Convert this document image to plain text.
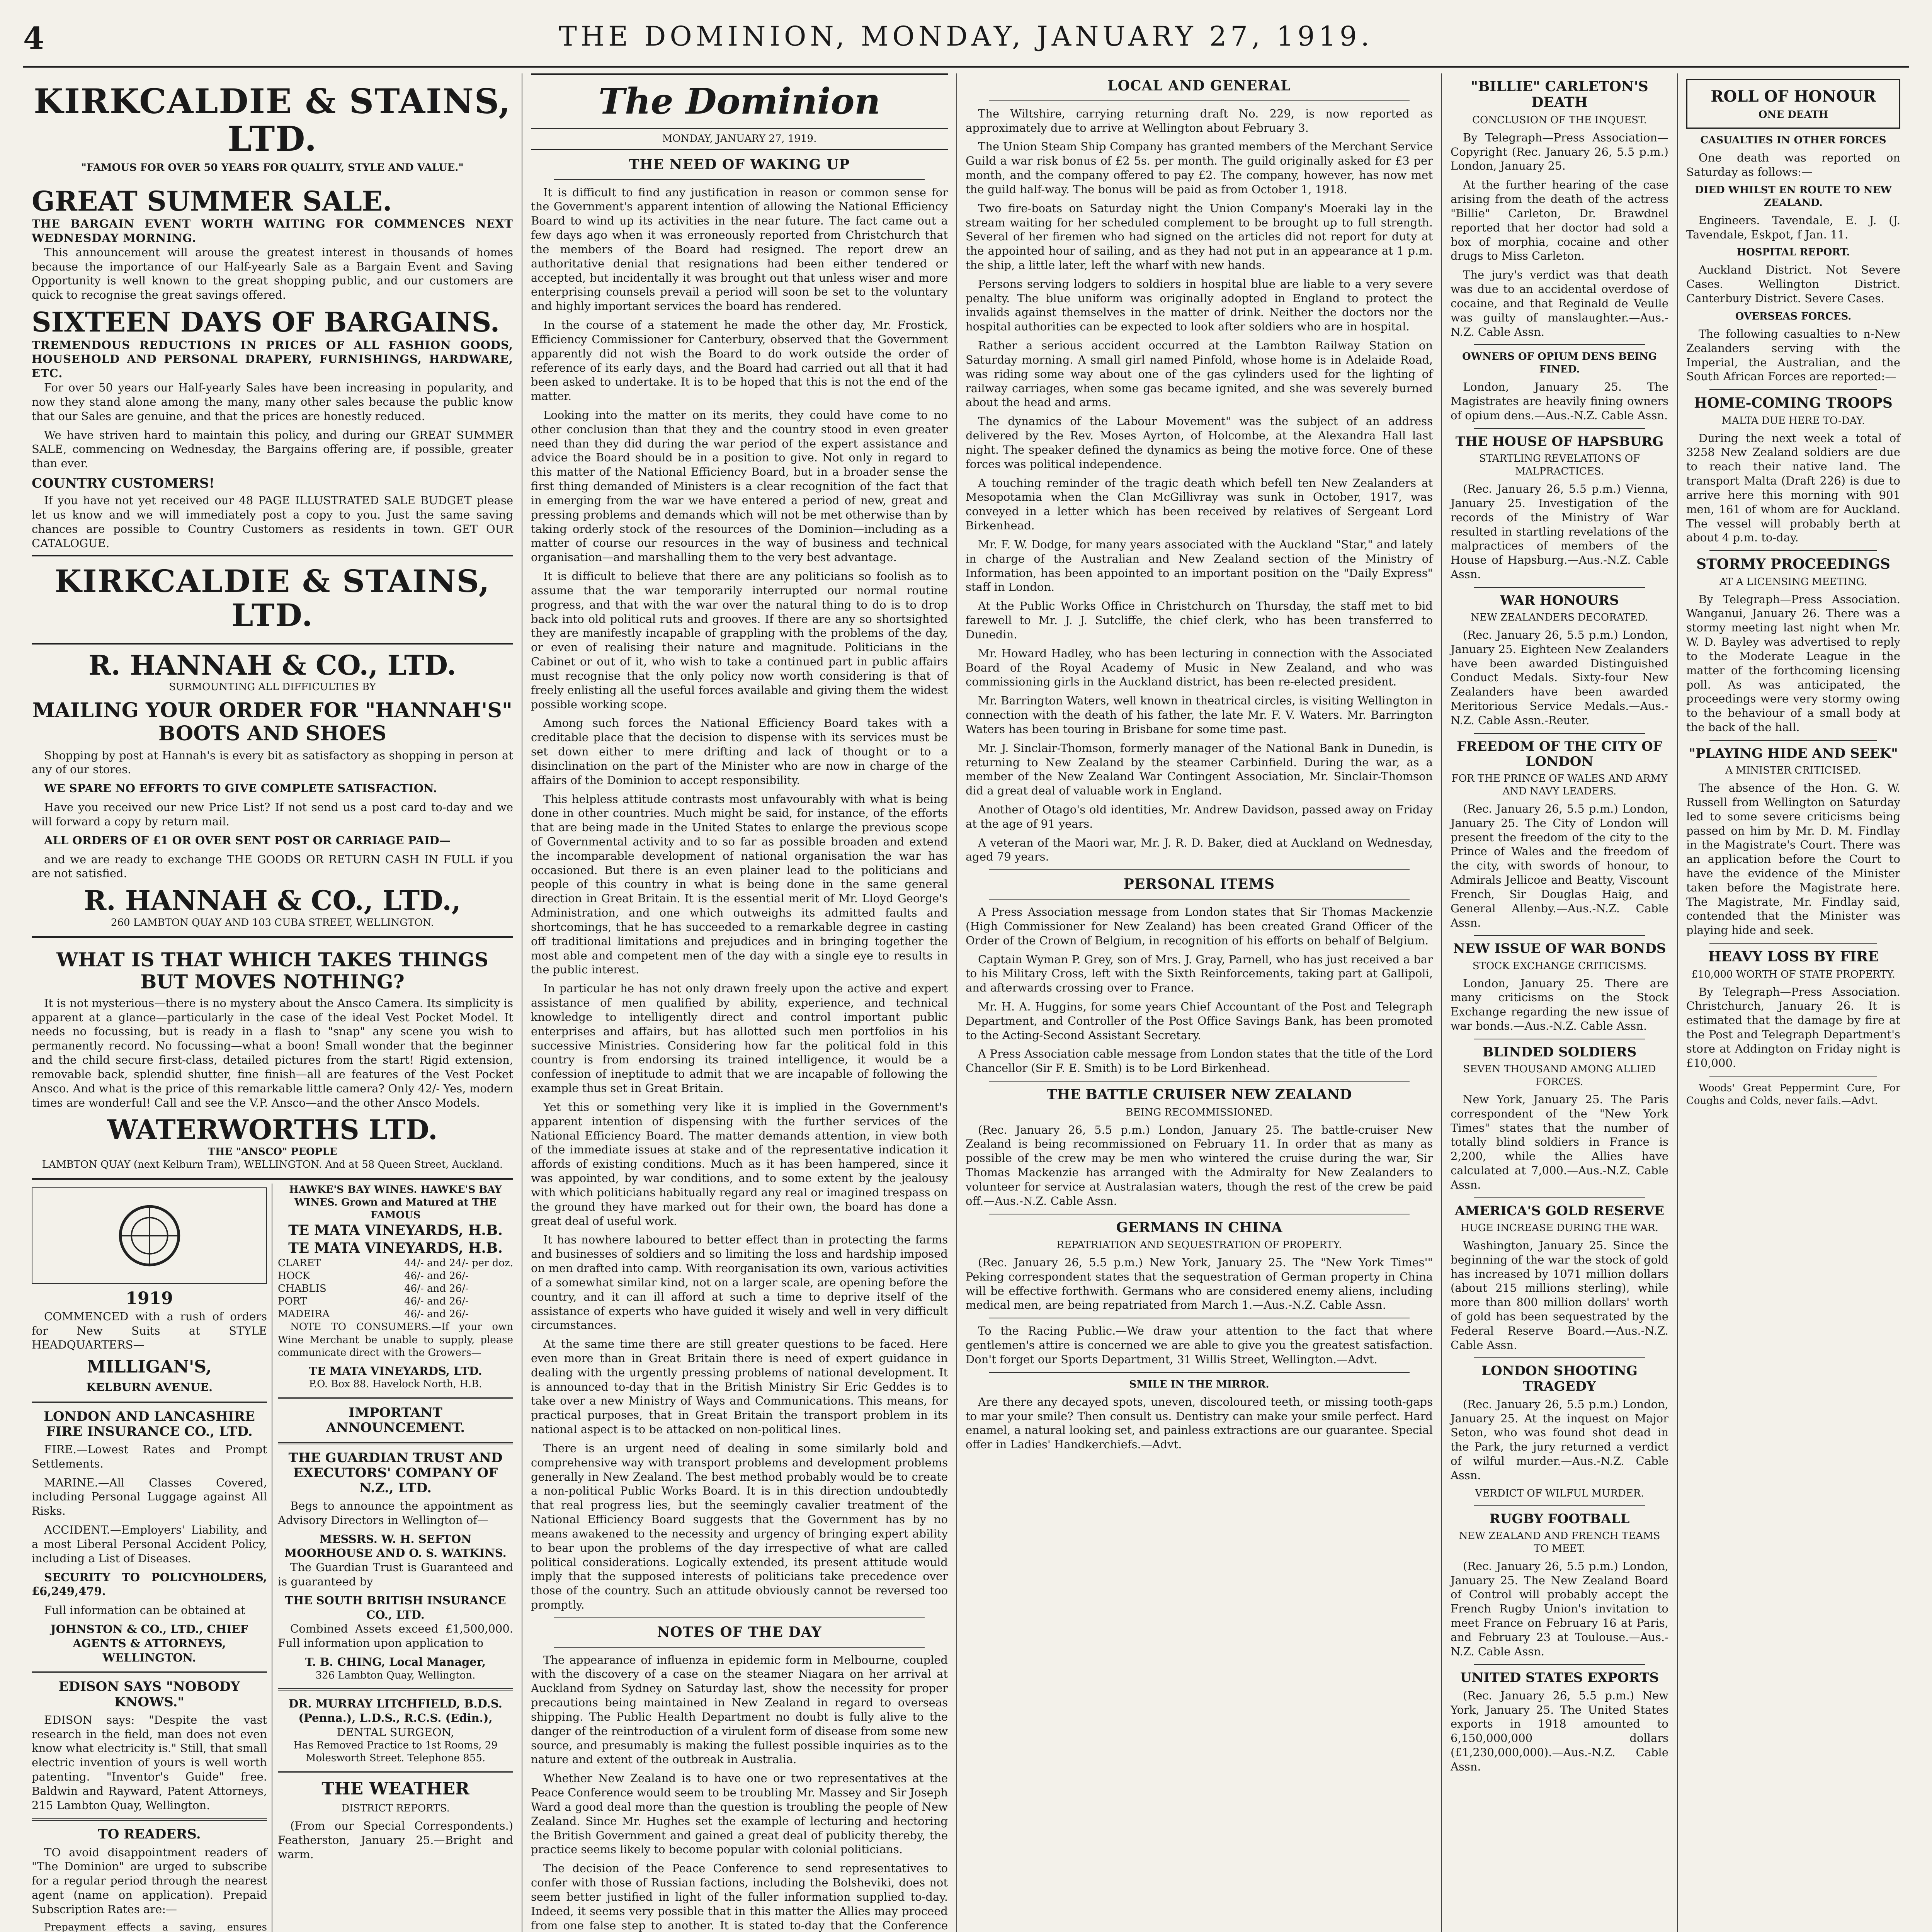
4	THE DOMINION, MONDAY, JANUARY 27, 1919.
KIRKCALDIE & STAINS, LTD.
"FAMOUS FOR OVER 50 YEARS FOR QUALITY, STYLE AND VALUE."
GREAT SUMMER SALE.
THE BARGAIN EVENT WORTH WAITING FOR COMMENCES NEXT WEDNESDAY MORNING.

This announcement will arouse the greatest interest in thousands of homes because the importance of our Half-yearly Sale as a Bargain Event and Saving Opportunity is well known to the great shopping public, and our customers are quick to recognise the great savings offered.

SIXTEEN DAYS OF BARGAINS.
TREMENDOUS REDUCTIONS IN PRICES OF ALL FASHION GOODS, HOUSEHOLD AND PERSONAL DRAPERY, FURNISHINGS, HARDWARE, ETC.

For over 50 years our Half-yearly Sales have been increasing in popularity, and now they stand alone among the many, many other sales because the public know that our Sales are genuine, and that the prices are honestly reduced.

We have striven hard to maintain this policy, and during our GREAT SUMMER SALE, commencing on Wednesday, the Bargains offering are, if possible, greater than ever.

COUNTRY CUSTOMERS!

If you have not yet received our 48 PAGE ILLUSTRATED SALE BUDGET please let us know and we will immediately post a copy to you. Just the same saving chances are possible to Country Customers as residents in town. GET OUR CATALOGUE.

KIRKCALDIE & STAINS, LTD.
R. HANNAH & CO., LTD.
SURMOUNTING ALL DIFFICULTIES BY
MAILING YOUR ORDER FOR "HANNAH'S" BOOTS AND SHOES

Shopping by post at Hannah's is every bit as satisfactory as shopping in person at any of our stores.

WE SPARE NO EFFORTS TO GIVE COMPLETE SATISFACTION.

Have you received our new Price List? If not send us a post card to-day and we will forward a copy by return mail.

ALL ORDERS OF £1 OR OVER SENT POST OR CARRIAGE PAID—

and we are ready to exchange THE GOODS OR RETURN CASH IN FULL if you are not satisfied.

R. HANNAH & CO., LTD.,
260 LAMBTON QUAY AND 103 CUBA STREET, WELLINGTON.
WHAT IS THAT WHICH TAKES THINGS BUT MOVES NOTHING?

It is not mysterious—there is no mystery about the Ansco Camera. Its simplicity is apparent at a glance—particularly in the case of the ideal Vest Pocket Model. It needs no focussing, but is ready in a flash to "snap" any scene you wish to permanently record. No focussing—what a boon! Small wonder that the beginner and the child secure first-class, detailed pictures from the start! Rigid extension, removable back, splendid shutter, fine finish—all are features of the Vest Pocket Ansco. And what is the price of this remarkable little camera? Only 42/- Yes, modern times are wonderful! Call and see the V.P. Ansco—and the other Ansco Models.

WATERWORTHS LTD.
THE "ANSCO" PEOPLE
LAMBTON QUAY (next Kelburn Tram), WELLINGTON. And at 58 Queen Street, Auckland.
1919

COMMENCED with a rush of orders for New Suits at STYLE HEADQUARTERS—

MILLIGAN'S,
KELBURN AVENUE.
LONDON AND LANCASHIRE FIRE INSURANCE CO., LTD.

FIRE.—Lowest Rates and Prompt Settlements.

MARINE.—All Classes Covered, including Personal Luggage against All Risks.

ACCIDENT.—Employers' Liability, and a most Liberal Personal Accident Policy, including a List of Diseases.

SECURITY TO POLICYHOLDERS, £6,249,479.

Full information can be obtained at

JOHNSTON & CO., LTD., CHIEF AGENTS & ATTORNEYS, WELLINGTON.
EDISON SAYS "NOBODY KNOWS."

EDISON says: "Despite the vast research in the field, man does not even know what electricity is." Still, that small electric invention of yours is well worth patenting. "Inventor's Guide" free. Baldwin and Rayward, Patent Attorneys, 215 Lambton Quay, Wellington.

TO READERS.

TO avoid disappointment readers of "The Dominion" are urged to subscribe for a regular period through the nearest agent (name on application). Prepaid Subscription Rates are:—

Prepayment effects a saving, ensures

HAWKE'S BAY WINES. HAWKE'S BAY WINES. Grown and Matured at THE FAMOUS
TE MATA VINEYARDS, H.B.
TE MATA VINEYARDS, H.B.
CLARET	44/- and 24/- per doz.
HOCK	46/- and 26/-
CHABLIS	46/- and 26/-
PORT	46/- and 26/-
MADEIRA	46/- and 26/-

NOTE TO CONSUMERS.—If your own Wine Merchant be unable to supply, please communicate direct with the Growers—

TE MATA VINEYARDS, LTD.
P.O. Box 88. Havelock North, H.B.
IMPORTANT ANNOUNCEMENT.
THE GUARDIAN TRUST AND EXECUTORS' COMPANY OF N.Z., LTD.

Begs to announce the appointment as Advisory Directors in Wellington of—

MESSRS. W. H. SEFTON MOORHOUSE AND O. S. WATKINS.

The Guardian Trust is Guaranteed and is guaranteed by

THE SOUTH BRITISH INSURANCE CO., LTD.

Combined Assets exceed £1,500,000. Full information upon application to

T. B. CHING, Local Manager,
326 Lambton Quay, Wellington.
DR. MURRAY LITCHFIELD, B.D.S. (Penna.), L.D.S., R.C.S. (Edin.),
DENTAL SURGEON,
Has Removed Practice to 1st Rooms, 29 Molesworth Street. Telephone 855.
THE WEATHER
DISTRICT REPORTS.

(From our Special Correspondents.) Featherston, January 25.—Bright and warm.

The Dominion
MONDAY, JANUARY 27, 1919.
THE NEED OF WAKING UP

It is difficult to find any justification in reason or common sense for the Government's apparent intention of allowing the National Efficiency Board to wind up its activities in the near future. The fact came out a few days ago when it was erroneously reported from Christchurch that the members of the Board had resigned. The report drew an authoritative denial that resignations had been either tendered or accepted, but incidentally it was brought out that unless wiser and more enterprising counsels prevail a period will soon be set to the voluntary and highly important services the board has rendered.

In the course of a statement he made the other day, Mr. Frostick, Efficiency Commissioner for Canterbury, observed that the Government apparently did not wish the Board to do work outside the order of reference of its early days, and the Board had carried out all that it had been asked to undertake. It is to be hoped that this is not the end of the matter.

Looking into the matter on its merits, they could have come to no other conclusion than that they and the country stood in even greater need than they did during the war period of the expert assistance and advice the Board should be in a position to give. Not only in regard to this matter of the National Efficiency Board, but in a broader sense the first thing demanded of Ministers is a clear recognition of the fact that in emerging from the war we have entered a period of new, great and pressing problems and demands which will not be met otherwise than by taking orderly stock of the resources of the Dominion—including as a matter of course our resources in the way of business and technical organisation—and marshalling them to the very best advantage.

It is difficult to believe that there are any politicians so foolish as to assume that the war temporarily interrupted our normal routine progress, and that with the war over the natural thing to do is to drop back into old political ruts and grooves. If there are any so shortsighted they are manifestly incapable of grappling with the problems of the day, or even of realising their nature and magnitude. Politicians in the Cabinet or out of it, who wish to take a continued part in public affairs must recognise that the only policy now worth considering is that of freely enlisting all the useful forces available and giving them the widest possible working scope.

Among such forces the National Efficiency Board takes with a creditable place that the decision to dispense with its services must be set down either to mere drifting and lack of thought or to a disinclination on the part of the Minister who are now in charge of the affairs of the Dominion to accept responsibility.

This helpless attitude contrasts most unfavourably with what is being done in other countries. Much might be said, for instance, of the efforts that are being made in the United States to enlarge the previous scope of Governmental activity and to so far as possible broaden and extend the incomparable development of national organisation the war has occasioned. But there is an even plainer lead to the politicians and people of this country in what is being done in the same general direction in Great Britain. It is the essential merit of Mr. Lloyd George's Administration, and one which outweighs its admitted faults and shortcomings, that he has succeeded to a remarkable degree in casting off traditional limitations and prejudices and in bringing together the most able and competent men of the day with a single eye to results in the public interest.

In particular he has not only drawn freely upon the active and expert assistance of men qualified by ability, experience, and technical knowledge to intelligently direct and control important public enterprises and affairs, but has allotted such men portfolios in his successive Ministries. Considering how far the political fold in this country is from endorsing its trained intelligence, it would be a confession of ineptitude to admit that we are incapable of following the example thus set in Great Britain.

Yet this or something very like it is implied in the Government's apparent intention of dispensing with the further services of the National Efficiency Board. The matter demands attention, in view both of the immediate issues at stake and of the representative indication it affords of existing conditions. Much as it has been hampered, since it was appointed, by war conditions, and to some extent by the jealousy with which politicians habitually regard any real or imagined trespass on the ground they have marked out for their own, the board has done a great deal of useful work.

It has nowhere laboured to better effect than in protecting the farms and businesses of soldiers and so limiting the loss and hardship imposed on men drafted into camp. With reorganisation its own, various activities of a somewhat similar kind, not on a larger scale, are opening before the country, and it can ill afford at such a time to deprive itself of the assistance of experts who have guided it wisely and well in very difficult circumstances.

At the same time there are still greater questions to be faced. Here even more than in Great Britain there is need of expert guidance in dealing with the urgently pressing problems of national development. It is announced to-day that in the British Ministry Sir Eric Geddes is to take over a new Ministry of Ways and Communications. This means, for practical purposes, that in Great Britain the transport problem in its national aspect is to be attacked on non-political lines.

There is an urgent need of dealing in some similarly bold and comprehensive way with transport problems and development problems generally in New Zealand. The best method probably would be to create a non-political Public Works Board. It is in this direction undoubtedly that real progress lies, but the seemingly cavalier treatment of the National Efficiency Board suggests that the Government has by no means awakened to the necessity and urgency of bringing expert ability to bear upon the problems of the day irrespective of what are called political considerations. Logically extended, its present attitude would imply that the supposed interests of politicians take precedence over those of the country. Such an attitude obviously cannot be reversed too promptly.

NOTES OF THE DAY

The appearance of influenza in epidemic form in Melbourne, coupled with the discovery of a case on the steamer Niagara on her arrival at Auckland from Sydney on Saturday last, show the necessity for proper precautions being maintained in New Zealand in regard to overseas shipping. The Public Health Department no doubt is fully alive to the danger of the reintroduction of a virulent form of disease from some new source, and presumably is making the fullest possible inquiries as to the nature and extent of the outbreak in Australia.

Whether New Zealand is to have one or two representatives at the Peace Conference would seem to be troubling Mr. Massey and Sir Joseph Ward a good deal more than the question is troubling the people of New Zealand. Since Mr. Hughes set the example of lecturing and hectoring the British Government and gained a great deal of publicity thereby, the practice seems likely to become popular with colonial politicians.

The decision of the Peace Conference to send representatives to confer with those of Russian factions, including the Bolsheviki, does not seem better justified in light of the fuller information supplied to-day. Indeed, it seems very possible that in this matter the Allies may proceed from one false step to another. It is stated to-day that the Conference

LOCAL AND GENERAL

The Wiltshire, carrying returning draft No. 229, is now reported as approximately due to arrive at Wellington about February 3.

The Union Steam Ship Company has granted members of the Merchant Service Guild a war risk bonus of £2 5s. per month. The guild originally asked for £3 per month, and the company offered to pay £2. The company, however, has now met the guild half-way. The bonus will be paid as from October 1, 1918.

Two fire-boats on Saturday night the Union Company's Moeraki lay in the stream waiting for her scheduled complement to be brought up to full strength. Several of her firemen who had signed on the articles did not report for duty at the appointed hour of sailing, and as they had not put in an appearance at 1 p.m. the ship, a little later, left the wharf with new hands.

Persons serving lodgers to soldiers in hospital blue are liable to a very severe penalty. The blue uniform was originally adopted in England to protect the invalids against themselves in the matter of drink. Neither the doctors nor the hospital authorities can be expected to look after soldiers who are in hospital.

Rather a serious accident occurred at the Lambton Railway Station on Saturday morning. A small girl named Pinfold, whose home is in Adelaide Road, was riding some way about one of the gas cylinders used for the lighting of railway carriages, when some gas became ignited, and she was severely burned about the head and arms.

The dynamics of the Labour Movement" was the subject of an address delivered by the Rev. Moses Ayrton, of Holcombe, at the Alexandra Hall last night. The speaker defined the dynamics as being the motive force. One of these forces was political independence.

A touching reminder of the tragic death which befell ten New Zealanders at Mesopotamia when the Clan McGillivray was sunk in October, 1917, was conveyed in a letter which has been received by relatives of Sergeant Lord Birkenhead.

Mr. F. W. Dodge, for many years associated with the Auckland "Star," and lately in charge of the Australian and New Zealand section of the Ministry of Information, has been appointed to an important position on the "Daily Express" staff in London.

At the Public Works Office in Christchurch on Thursday, the staff met to bid farewell to Mr. J. J. Sutcliffe, the chief clerk, who has been transferred to Dunedin.

Mr. Howard Hadley, who has been lecturing in connection with the Associated Board of the Royal Academy of Music in New Zealand, and who was commissioning girls in the Auckland district, has been re-elected president.

Mr. Barrington Waters, well known in theatrical circles, is visiting Wellington in connection with the death of his father, the late Mr. F. V. Waters. Mr. Barrington Waters has been touring in Brisbane for some time past.

Mr. J. Sinclair-Thomson, formerly manager of the National Bank in Dunedin, is returning to New Zealand by the steamer Carbinfield. During the war, as a member of the New Zealand War Contingent Association, Mr. Sinclair-Thomson did a great deal of valuable work in England.

Another of Otago's old identities, Mr. Andrew Davidson, passed away on Friday at the age of 91 years.

A veteran of the Maori war, Mr. J. R. D. Baker, died at Auckland on Wednesday, aged 79 years.

PERSONAL ITEMS

A Press Association message from London states that Sir Thomas Mackenzie (High Commissioner for New Zealand) has been created Grand Officer of the Order of the Crown of Belgium, in recognition of his efforts on behalf of Belgium.

Captain Wyman P. Grey, son of Mrs. J. Gray, Parnell, who has just received a bar to his Military Cross, left with the Sixth Reinforcements, taking part at Gallipoli, and afterwards crossing over to France.

Mr. H. A. Huggins, for some years Chief Accountant of the Post and Telegraph Department, and Controller of the Post Office Savings Bank, has been promoted to the Acting-Second Assistant Secretary.

A Press Association cable message from London states that the title of the Lord Chancellor (Sir F. E. Smith) is to be Lord Birkenhead.

THE BATTLE CRUISER NEW ZEALAND
BEING RECOMMISSIONED.

(Rec. January 26, 5.5 p.m.) London, January 25. The battle-cruiser New Zealand is being recommissioned on February 11. In order that as many as possible of the crew may be men who wintered the cruise during the war, Sir Thomas Mackenzie has arranged with the Admiralty for New Zealanders to volunteer for service at Australasian waters, though the rest of the crew be paid off.—Aus.-N.Z. Cable Assn.

GERMANS IN CHINA
REPATRIATION AND SEQUESTRATION OF PROPERTY.

(Rec. January 26, 5.5 p.m.) New York, January 25. The "New York Times'" Peking correspondent states that the sequestration of German property in China will be effective forthwith. Germans who are considered enemy aliens, including medical men, are being repatriated from March 1.—Aus.-N.Z. Cable Assn.

To the Racing Public.—We draw your attention to the fact that where gentlemen's attire is concerned we are able to give you the greatest satisfaction. Don't forget our Sports Department, 31 Willis Street, Wellington.—Advt.

SMILE IN THE MIRROR.

Are there any decayed spots, uneven, discoloured teeth, or missing tooth-gaps to mar your smile? Then consult us. Dentistry can make your smile perfect. Hard enamel, a natural looking set, and painless extractions are our guarantee. Special offer in Ladies' Handkerchiefs.—Advt.

"BILLIE" CARLETON'S DEATH
CONCLUSION OF THE INQUEST.

By Telegraph—Press Association—Copyright (Rec. January 26, 5.5 p.m.) London, January 25.

At the further hearing of the case arising from the death of the actress "Billie" Carleton, Dr. Brawdnel reported that her doctor had sold a box of morphia, cocaine and other drugs to Miss Carleton.

The jury's verdict was that death was due to an accidental overdose of cocaine, and that Reginald de Veulle was guilty of manslaughter.—Aus.-N.Z. Cable Assn.

OWNERS OF OPIUM DENS BEING FINED.

London, January 25. The Magistrates are heavily fining owners of opium dens.—Aus.-N.Z. Cable Assn.

THE HOUSE OF HAPSBURG
STARTLING REVELATIONS OF MALPRACTICES.

(Rec. January 26, 5.5 p.m.) Vienna, January 25. Investigation of the records of the Ministry of War resulted in startling revelations of the malpractices of members of the House of Hapsburg.—Aus.-N.Z. Cable Assn.

WAR HONOURS
NEW ZEALANDERS DECORATED.

(Rec. January 26, 5.5 p.m.) London, January 25. Eighteen New Zealanders have been awarded Distinguished Conduct Medals. Sixty-four New Zealanders have been awarded Meritorious Service Medals.—Aus.-N.Z. Cable Assn.-Reuter.

FREEDOM OF THE CITY OF LONDON
FOR THE PRINCE OF WALES AND ARMY AND NAVY LEADERS.

(Rec. January 26, 5.5 p.m.) London, January 25. The City of London will present the freedom of the city to the Prince of Wales and the freedom of the city, with swords of honour, to Admirals Jellicoe and Beatty, Viscount French, Sir Douglas Haig, and General Allenby.—Aus.-N.Z. Cable Assn.

NEW ISSUE OF WAR BONDS
STOCK EXCHANGE CRITICISMS.

London, January 25. There are many criticisms on the Stock Exchange regarding the new issue of war bonds.—Aus.-N.Z. Cable Assn.

BLINDED SOLDIERS
SEVEN THOUSAND AMONG ALLIED FORCES.

New York, January 25. The Paris correspondent of the "New York Times" states that the number of totally blind soldiers in France is 2,200, while the Allies have calculated at 7,000.—Aus.-N.Z. Cable Assn.

AMERICA'S GOLD RESERVE
HUGE INCREASE DURING THE WAR.

Washington, January 25. Since the beginning of the war the stock of gold has increased by 1071 million dollars (about 215 millions sterling), while more than 800 million dollars' worth of gold has been sequestrated by the Federal Reserve Board.—Aus.-N.Z. Cable Assn.

LONDON SHOOTING TRAGEDY

(Rec. January 26, 5.5 p.m.) London, January 25. At the inquest on Major Seton, who was found shot dead in the Park, the jury returned a verdict of wilful murder.—Aus.-N.Z. Cable Assn.

VERDICT OF WILFUL MURDER.
RUGBY FOOTBALL
NEW ZEALAND AND FRENCH TEAMS TO MEET.

(Rec. January 26, 5.5 p.m.) London, January 25. The New Zealand Board of Control will probably accept the French Rugby Union's invitation to meet France on February 16 at Paris, and February 23 at Toulouse.—Aus.-N.Z. Cable Assn.

UNITED STATES EXPORTS

(Rec. January 26, 5.5 p.m.) New York, January 25. The United States exports in 1918 amounted to 6,150,000,000 dollars (£1,230,000,000).—Aus.-N.Z. Cable Assn.

ROLL OF HONOUR
ONE DEATH
CASUALTIES IN OTHER FORCES

One death was reported on Saturday as follows:—

DIED WHILST EN ROUTE TO NEW ZEALAND.

Engineers. Tavendale, E. J. (J. Tavendale, Eskpot, f Jan. 11.

HOSPITAL REPORT.

Auckland District. Not Severe Cases. Wellington District. Canterbury District. Severe Cases.

OVERSEAS FORCES.

The following casualties to n-New Zealanders serving with the Imperial, the Australian, and the South African Forces are reported:—

HOME-COMING TROOPS
MALTA DUE HERE TO-DAY.

During the next week a total of 3258 New Zealand soldiers are due to reach their native land. The transport Malta (Draft 226) is due to arrive here this morning with 901 men, 161 of whom are for Auckland. The vessel will probably berth at about 4 p.m. to-day.

STORMY PROCEEDINGS
AT A LICENSING MEETING.

By Telegraph—Press Association. Wanganui, January 26. There was a stormy meeting last night when Mr. W. D. Bayley was advertised to reply to the Moderate League in the matter of the forthcoming licensing poll. As was anticipated, the proceedings were very stormy owing to the behaviour of a small body at the back of the hall.

"PLAYING HIDE AND SEEK"
A MINISTER CRITICISED.

The absence of the Hon. G. W. Russell from Wellington on Saturday led to some severe criticisms being passed on him by Mr. D. M. Findlay in the Magistrate's Court. There was an application before the Court to have the evidence of the Minister taken before the Magistrate here. The Magistrate, Mr. Findlay said, contended that the Minister was playing hide and seek.

HEAVY LOSS BY FIRE
£10,000 WORTH OF STATE PROPERTY.

By Telegraph—Press Association. Christchurch, January 26. It is estimated that the damage by fire at the Post and Telegraph Department's store at Addington on Friday night is £10,000.

Woods' Great Peppermint Cure, For Coughs and Colds, never fails.—Advt.
